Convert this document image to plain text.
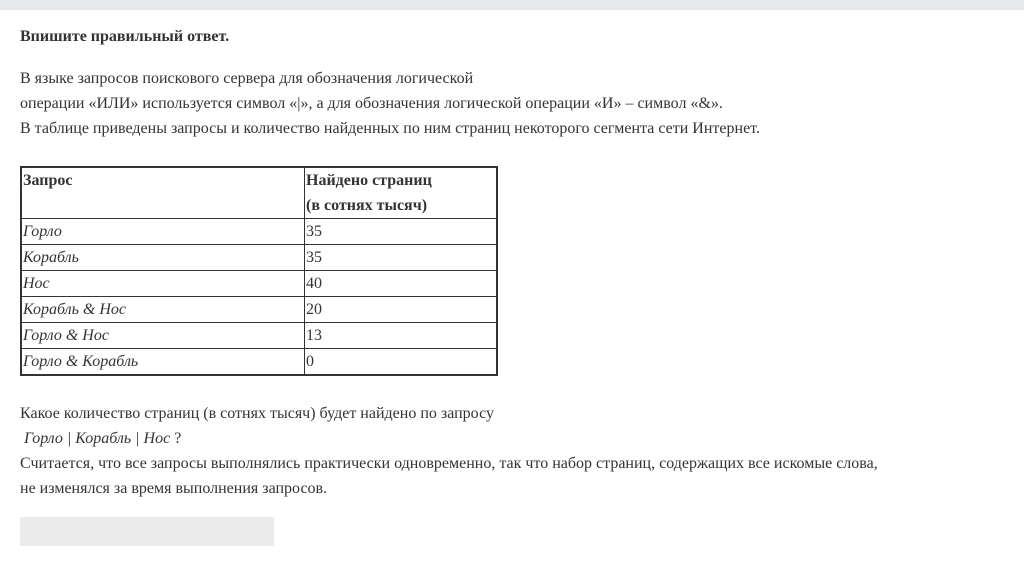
Впишите правильный ответ.

В языке запросов поискового сервера для обозначения логической
операции «ИЛИ» используется символ «|», а для обозначения логической операции «И» – символ «&».
В таблице приведены запросы и количество найденных по ним страниц некоторого сегмента сети Интернет.
Запрос	Найдено страниц
(в сотнях тысяч)

Горло	35
Корабль	35
Нос	40
Корабль & Нос	20
Горло & Нос	13
Горло & Корабль	0
Какое количество страниц (в сотнях тысяч) будет найдено по запросу
Горло | Корабль | Нос ?
Считается, что все запросы выполнялись практически одновременно, так что набор страниц, содержащих все искомые слова,
не изменялся за время выполнения запросов.
